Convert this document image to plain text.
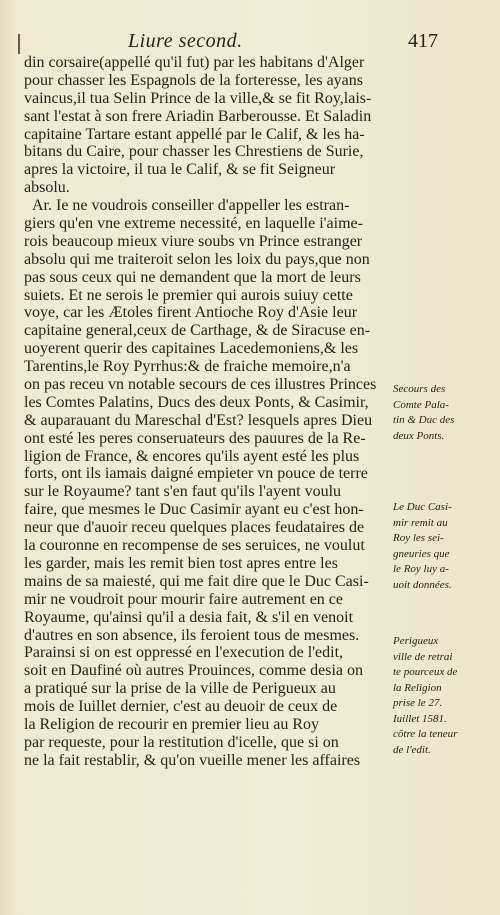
Liure second.	417
din corsaire(appellé qu'il fut) par les habitans d'Alger
pour chasser les Espagnols de la forteresse, les ayans
vaincus,il tua Selin Prince de la ville,& se fit Roy,lais-
sant l'estat à son frere Ariadin Barberousse. Et Saladin
capitaine Tartare estant appellé par le Calif, & les ha-
bitans du Caire, pour chasser les Chrestiens de Surie,
apres la victoire, il tua le Calif, & se fit Seigneur
absolu.
Ar. Ie ne voudrois conseiller d'appeller les estran-
giers qu'en vne extreme necessité, en laquelle i'aime-
rois beaucoup mieux viure soubs vn Prince estranger
absolu qui me traiteroit selon les loix du pays,que non
pas sous ceux qui ne demandent que la mort de leurs
suiets. Et ne serois le premier qui aurois suiuy cette
voye, car les Ætoles firent Antioche Roy d'Asie leur
capitaine general,ceux de Carthage, & de Siracuse en-
uoyerent querir des capitaines Lacedemoniens,& les
Tarentins,le Roy Pyrrhus:& de fraiche memoire,n'a
on pas receu vn notable secours de ces illustres Princes
les Comtes Palatins, Ducs des deux Ponts, & Casimir,
& auparauant du Mareschal d'Est? lesquels apres Dieu
ont esté les peres conseruateurs des pauures de la Re-
ligion de France, & encores qu'ils ayent esté les plus
forts, ont ils iamais daigné empieter vn pouce de terre
sur le Royaume? tant s'en faut qu'ils l'ayent voulu
faire, que mesmes le Duc Casimir ayant eu c'est hon-
neur que d'auoir receu quelques places feudataires de
la couronne en recompense de ses seruices, ne voulut
les garder, mais les remit bien tost apres entre les
mains de sa maiesté, qui me fait dire que le Duc Casi-
mir ne voudroit pour mourir faire autrement en ce
Royaume, qu'ainsi qu'il a desia fait, & s'il en venoit
d'autres en son absence, ils feroient tous de mesmes.
Parainsi si on est oppressé en l'execution de l'edit,
soit en Daufiné où autres Prouinces, comme desia on
a pratiqué sur la prise de la ville de Perigueux au
mois de Iuillet dernier, c'est au deuoir de ceux de
la Religion de recourir en premier lieu au Roy
par requeste, pour la restitution d'icelle, que si on
ne la fait restablir, & qu'on vueille mener les affaires
Secours des
Comte Pala-
tin & Duc des
deux Ponts.
Le Duc Casi-
mir remit au
Roy les sei-
gneuries que
le Roy luy a-
uoit données.
Perigueux
ville de retrai
te pourceux de
la Religion
prise le 27.
Iuillet 1581.
cõtre la teneur
de l'edit.
